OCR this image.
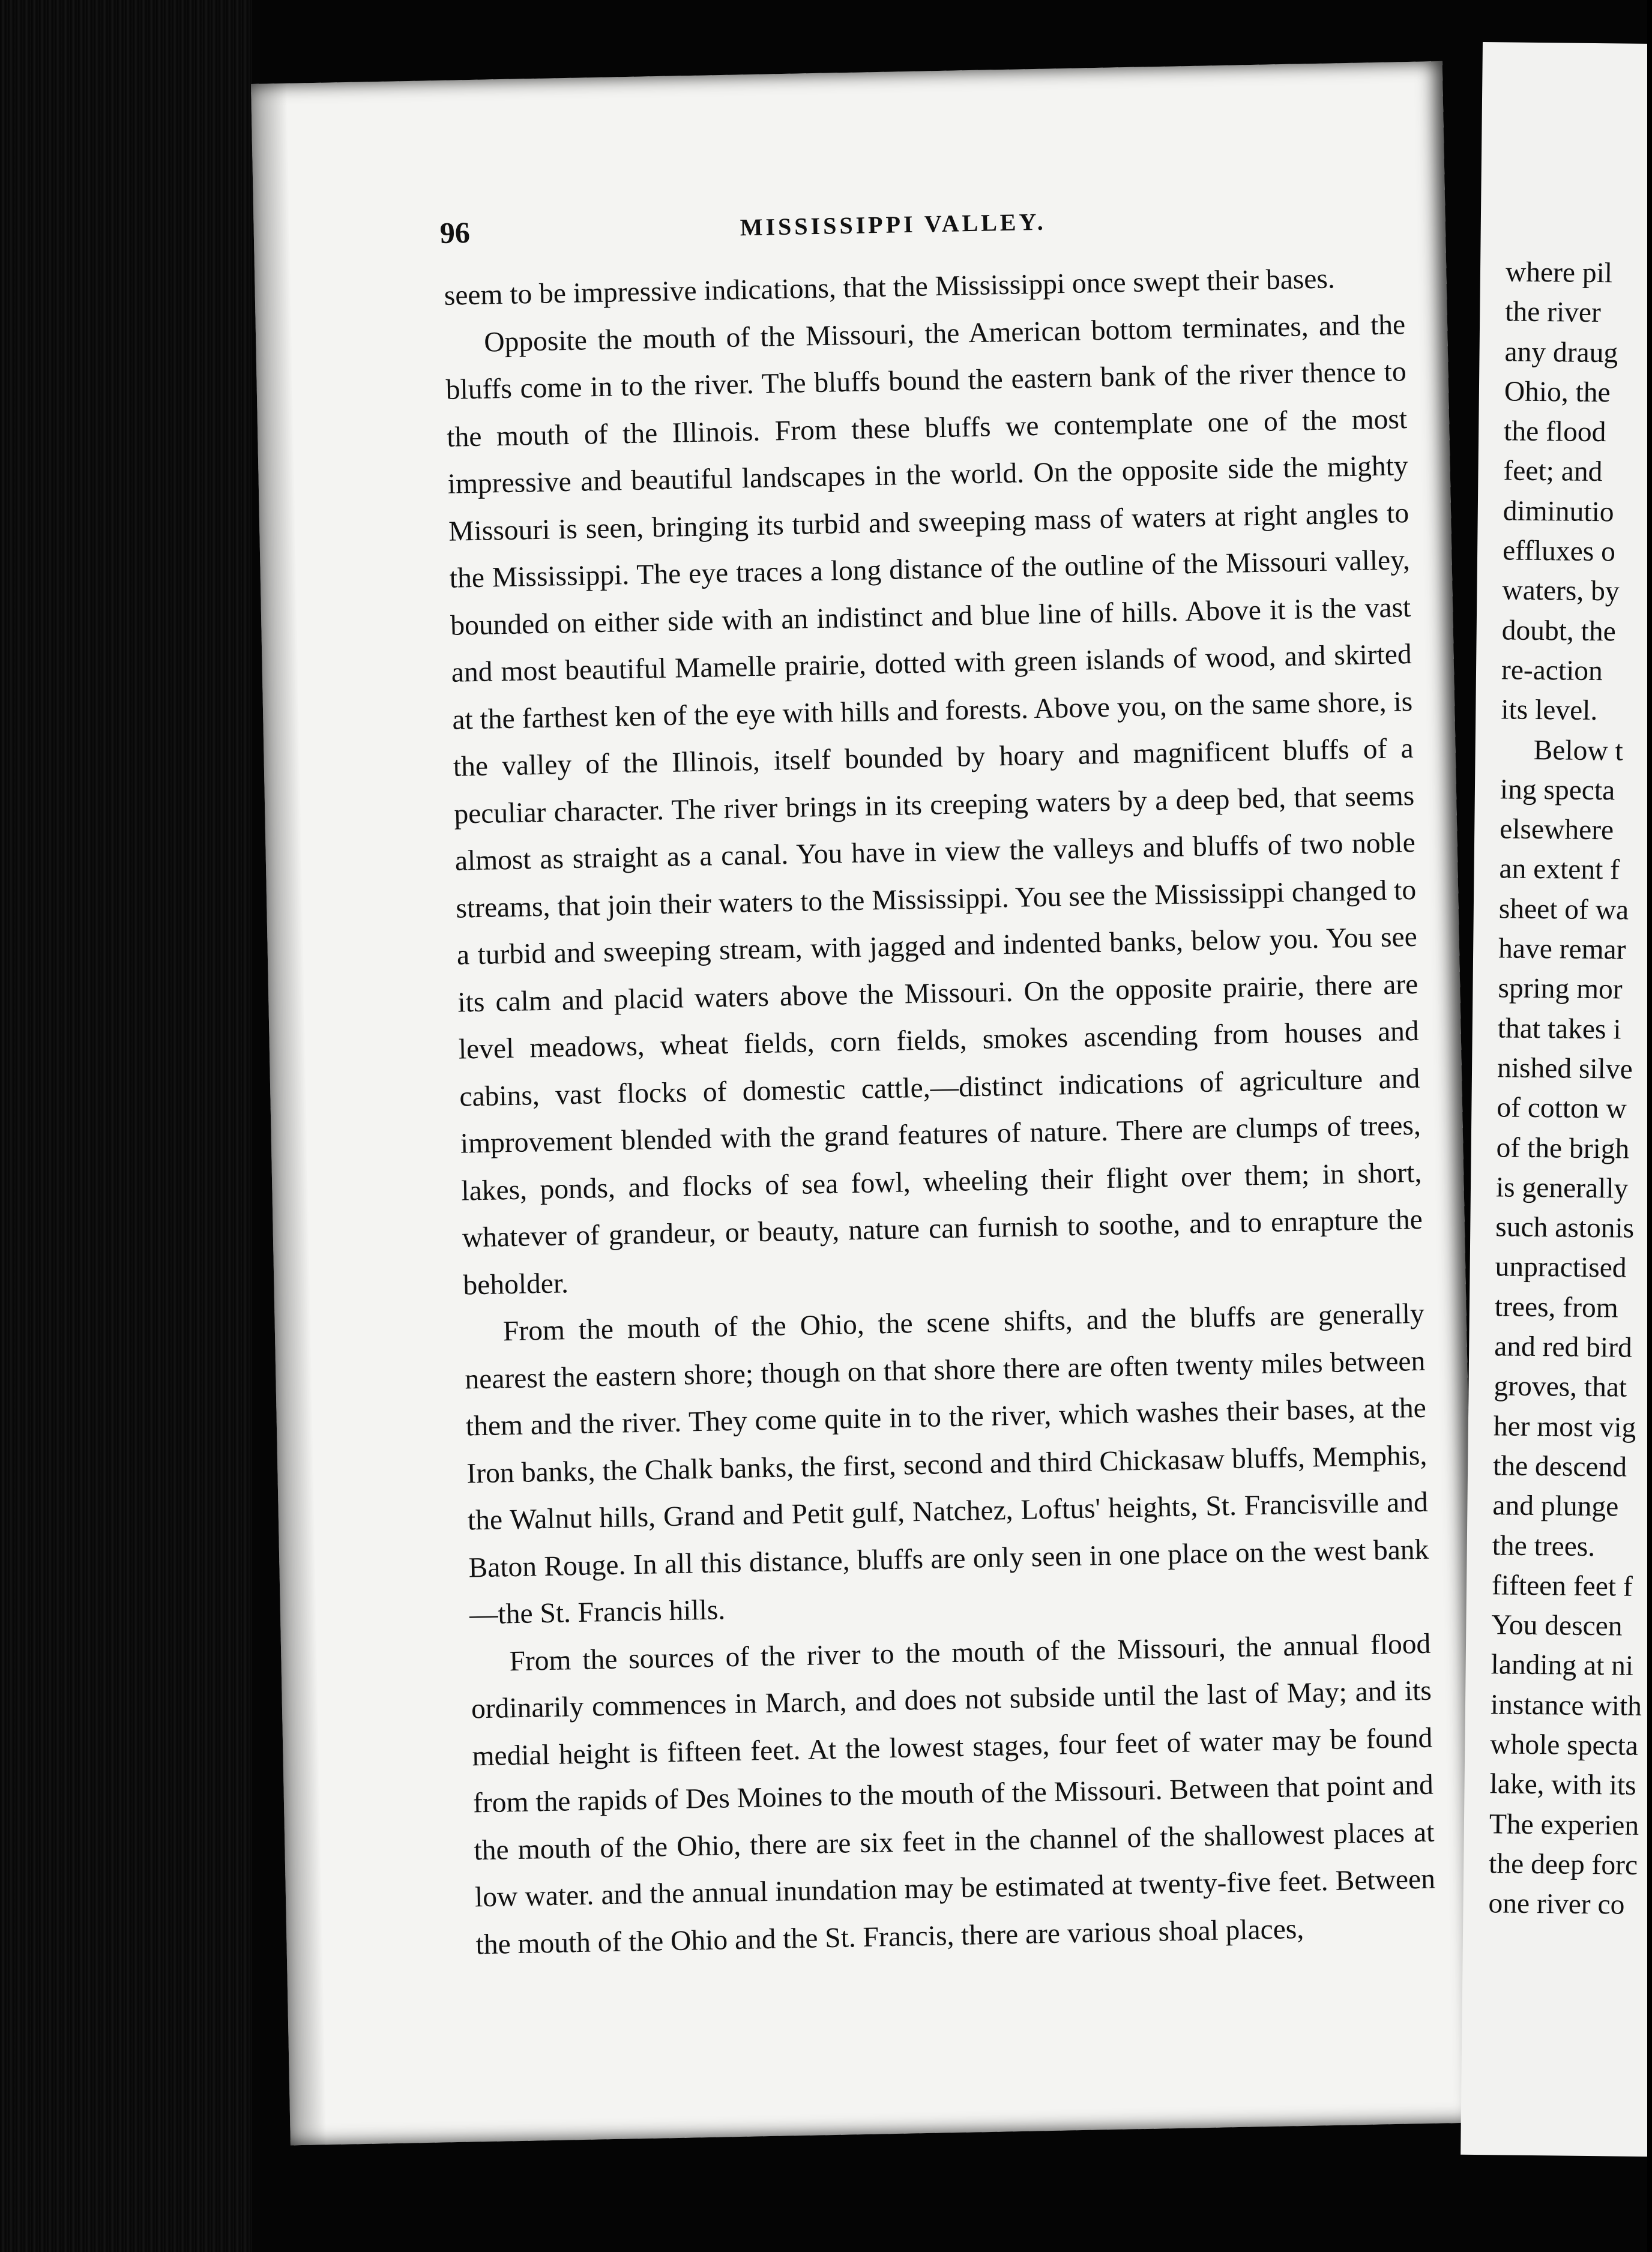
96	MISSISSIPPI VALLEY.

seem to be impressive indications, that the Mississippi once swept their bases.

Opposite the mouth of the Missouri, the American bottom terminates, and the bluffs come in to the river. The bluffs bound the eastern bank of the river thence to the mouth of the Illinois. From these bluffs we contemplate one of the most impressive and beautiful landscapes in the world. On the opposite side the mighty Missouri is seen, bringing its turbid and sweeping mass of waters at right angles to the Mississippi. The eye traces a long distance of the outline of the Missouri valley, bounded on either side with an indistinct and blue line of hills. Above it is the vast and most beautiful Mamelle prairie, dotted with green islands of wood, and skirted at the farthest ken of the eye with hills and forests. Above you, on the same shore, is the valley of the Illinois, itself bounded by hoary and magnificent bluffs of a peculiar character. The river brings in its creeping waters by a deep bed, that seems almost as straight as a canal. You have in view the valleys and bluffs of two noble streams, that join their waters to the Mississippi. You see the Mississippi changed to a turbid and sweeping stream, with jagged and indented banks, below you. You see its calm and placid waters above the Missouri. On the opposite prairie, there are level meadows, wheat fields, corn fields, smokes ascending from houses and cabins, vast flocks of domestic cattle,—distinct indications of agriculture and improvement blended with the grand features of nature. There are clumps of trees, lakes, ponds, and flocks of sea fowl, wheeling their flight over them; in short, whatever of grandeur, or beauty, nature can furnish to soothe, and to enrapture the beholder.

From the mouth of the Ohio, the scene shifts, and the bluffs are generally nearest the eastern shore; though on that shore there are often twenty miles between them and the river. They come quite in to the river, which washes their bases, at the Iron banks, the Chalk banks, the first, second and third Chickasaw bluffs, Memphis, the Walnut hills, Grand and Petit gulf, Natchez, Loftus' heights, St. Francisville and Baton Rouge. In all this distance, bluffs are only seen in one place on the west bank—the St. Francis hills.

From the sources of the river to the mouth of the Missouri, the annual flood ordinarily commences in March, and does not subside until the last of May; and its medial height is fifteen feet. At the lowest stages, four feet of water may be found from the rapids of Des Moines to the mouth of the Missouri. Between that point and the mouth of the Ohio, there are six feet in the channel of the shallowest places at low water. and the annual inundation may be estimated at twenty-five feet. Between the mouth of the Ohio and the St. Francis, there are various shoal places,

where pil
the river
any draug
Ohio, the
the flood
feet; and
diminutio
effluxes o
waters, by
doubt, the
re-action
its level.
Below t
ing specta
elsewhere
an extent f
sheet of wa
have remar
spring mor
that takes i
nished silve
of cotton w
of the brigh
is generally
such astonis
unpractised
trees, from
and red bird
groves, that
her most vig
the descend
and plunge
the trees.
fifteen feet f
You descen
landing at ni
instance with
whole specta
lake, with its
The experien
the deep forc
one river co
